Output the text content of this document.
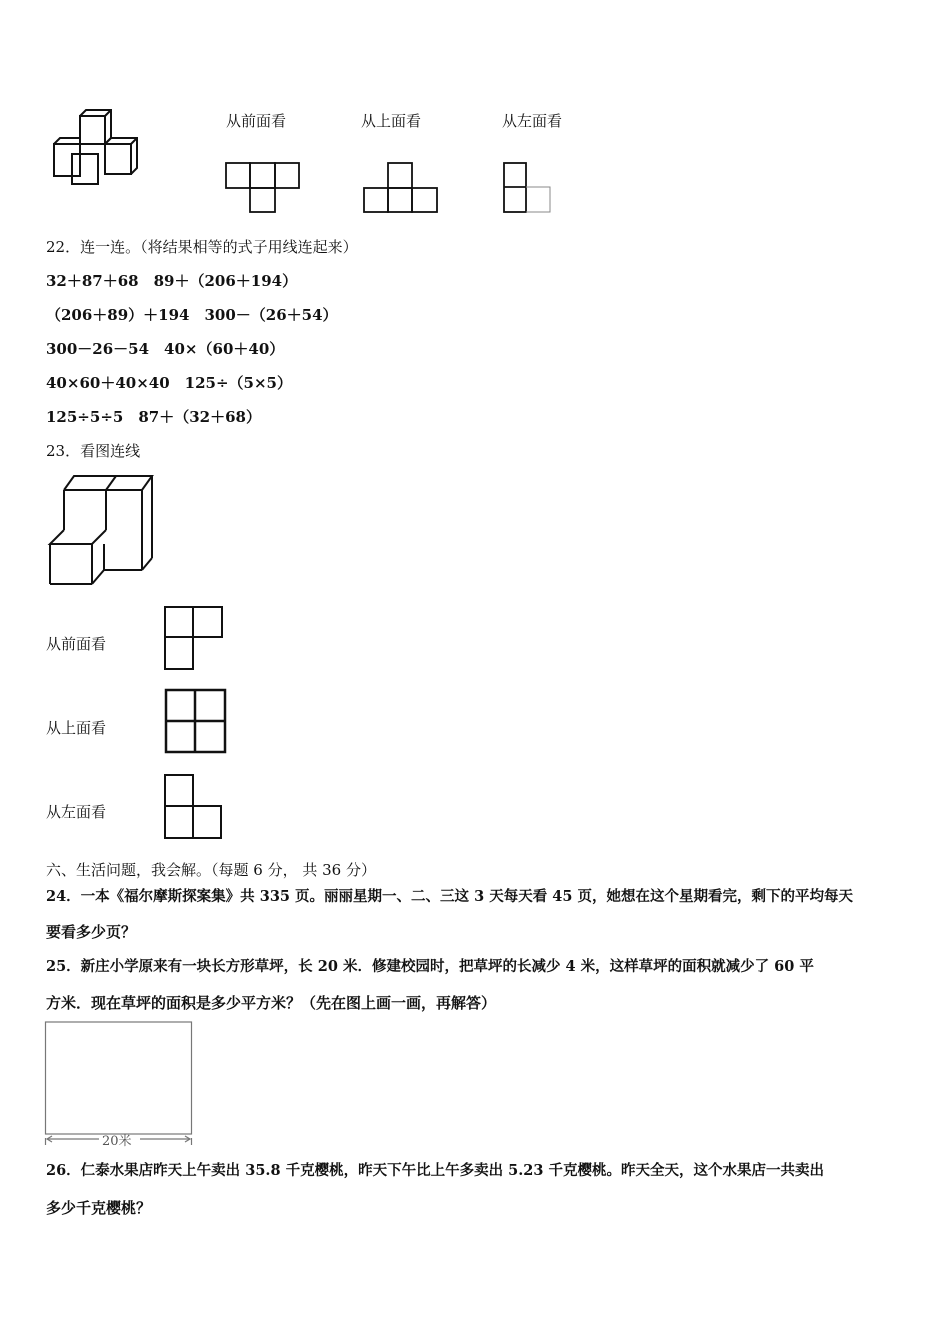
从前面看	从上面看	从左面看
22．连一连。（将结果相等的式子用线连起来）
32＋87＋68　89＋（206＋194）
（206＋89）＋194　300－（26＋54）
300－26－54　40×（60＋40）
40×60＋40×40　125÷（5×5）
125÷5÷5　87＋（32＋68）
23．看图连线
从前面看
从上面看
从左面看
六、生活问题，我会解。（每题 6 分， 共 36 分）
24．一本《福尔摩斯探案集》共 335 页。丽丽星期一、二、三这 3 天每天看 45 页，她想在这个星期看完，剩下的平均每天
要看多少页？
25．新庄小学原来有一块长方形草坪，长 20 米．修建校园时，把草坪的长减少 4 米，这样草坪的面积就减少了 60 平
方米．现在草坪的面积是多少平方米？（先在图上画一画，再解答）
20米
26．仁泰水果店昨天上午卖出 35.8 千克樱桃，昨天下午比上午多卖出 5.23 千克樱桃。昨天全天，这个水果店一共卖出
多少千克樱桃？
